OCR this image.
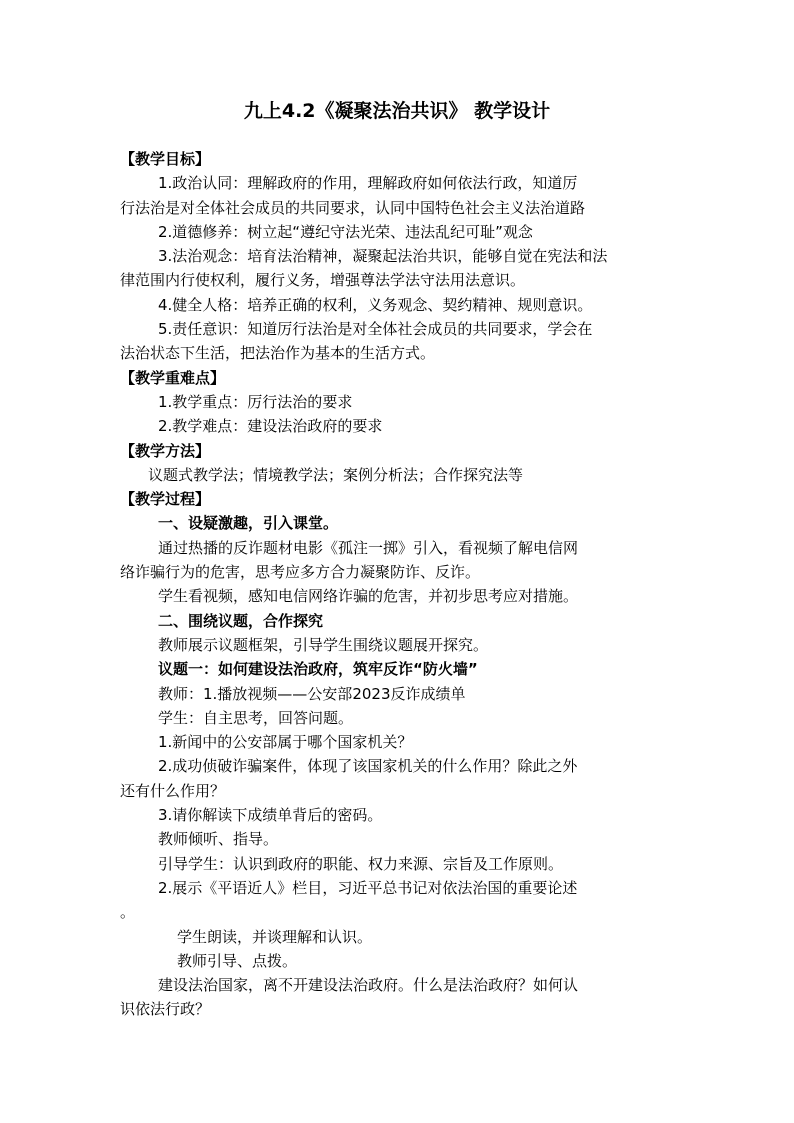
九上4.2《凝聚法治共识》 教学设计
【教学目标】
1.政治认同：理解政府的作用，理解政府如何依法行政，知道厉
行法治是对全体社会成员的共同要求，认同中国特色社会主义法治道路
2.道德修养：树立起“遵纪守法光荣、违法乱纪可耻”观念
3.法治观念：培育法治精神，凝聚起法治共识，能够自觉在宪法和法
律范围内行使权利，履行义务，增强尊法学法守法用法意识。
4.健全人格：培养正确的权利，义务观念、契约精神、规则意识。
5.责任意识：知道厉行法治是对全体社会成员的共同要求，学会在
法治状态下生活，把法治作为基本的生活方式。
【教学重难点】
1.教学重点：厉行法治的要求
2.教学难点：建设法治政府的要求
【教学方法】
议题式教学法；情境教学法；案例分析法；合作探究法等
【教学过程】
一、设疑激趣，引入课堂。
通过热播的反诈题材电影《孤注一掷》引入，看视频了解电信网
络诈骗行为的危害，思考应多方合力凝聚防诈、反诈。
学生看视频，感知电信网络诈骗的危害，并初步思考应对措施。
二、围绕议题，合作探究
教师展示议题框架，引导学生围绕议题展开探究。
议题一：如何建设法治政府，筑牢反诈“防火墙”
教师：1.播放视频——公安部2023反诈成绩单
学生：自主思考，回答问题。
1.新闻中的公安部属于哪个国家机关？
2.成功侦破诈骗案件，体现了该国家机关的什么作用？除此之外
还有什么作用？
3.请你解读下成绩单背后的密码。
教师倾听、指导。
引导学生：认识到政府的职能、权力来源、宗旨及工作原则。
2.展示《平语近人》栏目，习近平总书记对依法治国的重要论述
。
学生朗读，并谈理解和认识。
教师引导、点拨。
建设法治国家，离不开建设法治政府。什么是法治政府？如何认
识依法行政？
